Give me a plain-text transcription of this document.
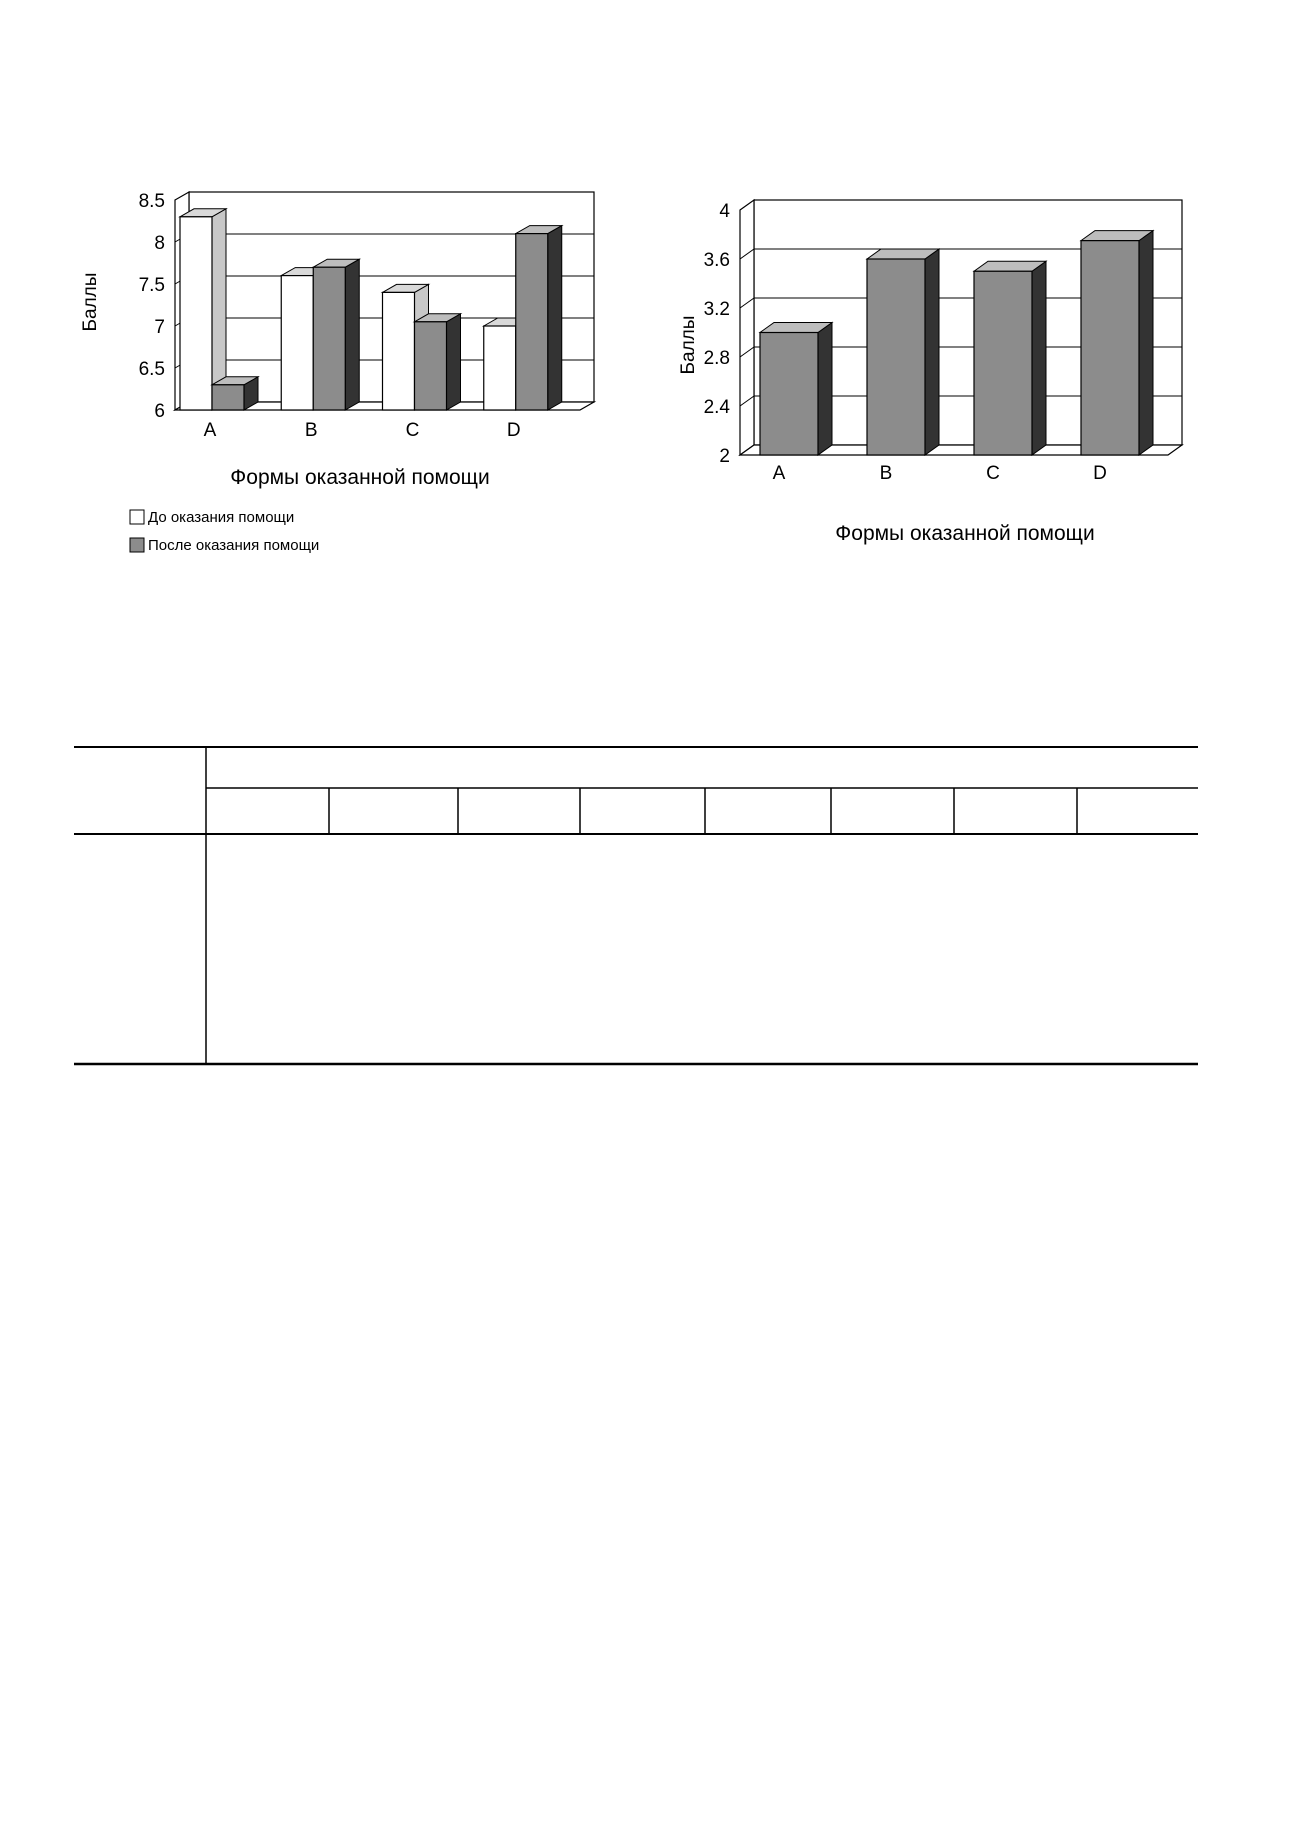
Баллы
8.5
8
7.5
7
6.5
6
A	B	C	D
Формы оказанной помощи
До оказания помощи
После оказания помощи
Баллы
4
3.6
3.2
2.8
2.4
2
A	B	C	D
Формы оказанной помощи
